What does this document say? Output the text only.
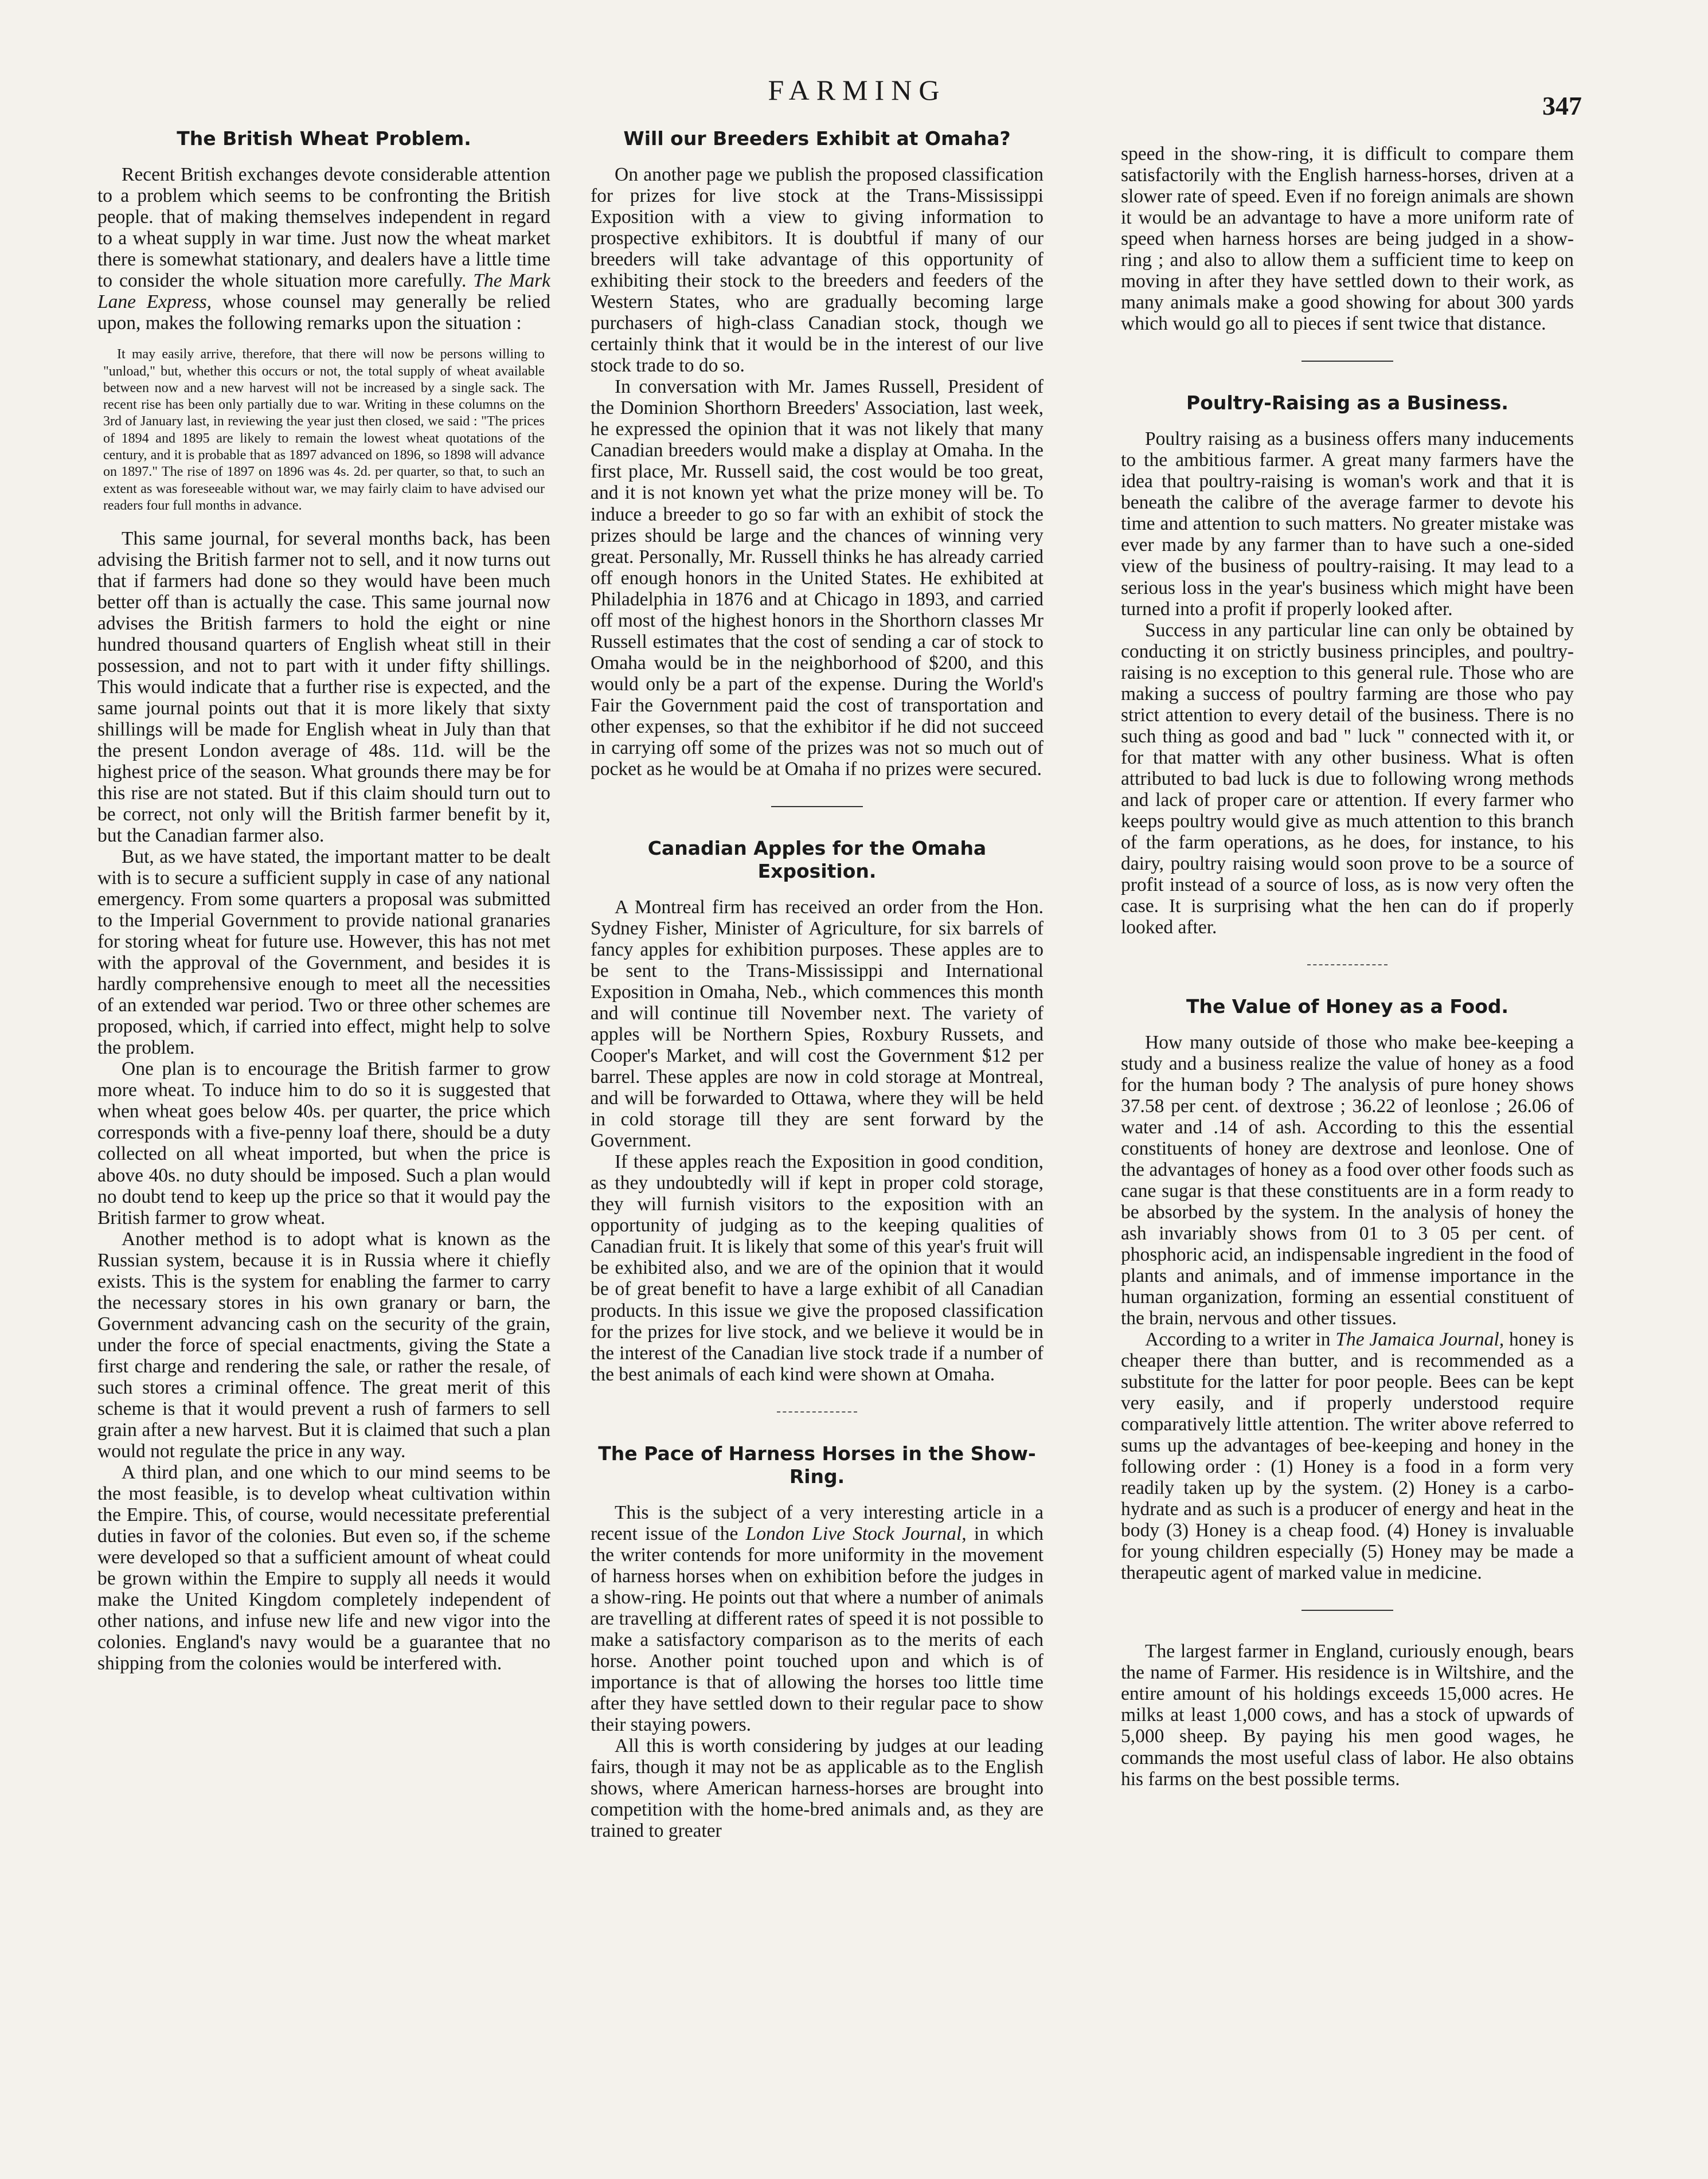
FARMING	347
The British Wheat Problem.

Recent British exchanges devote considerable attention to a problem which seems to be confronting the British people. that of making themselves independent in regard to a wheat supply in war time. Just now the wheat market there is somewhat stationary, and dealers have a little time to consider the whole situation more carefully. The Mark Lane Express, whose counsel may generally be relied upon, makes the following remarks upon the situation :

It may easily arrive, therefore, that there will now be persons willing to "unload," but, whether this occurs or not, the total supply of wheat available between now and a new harvest will not be increased by a single sack. The recent rise has been only partially due to war. Writing in these columns on the 3rd of January last, in reviewing the year just then closed, we said : "The prices of 1894 and 1895 are likely to remain the lowest wheat quotations of the century, and it is probable that as 1897 advanced on 1896, so 1898 will advance on 1897." The rise of 1897 on 1896 was 4s. 2d. per quarter, so that, to such an extent as was foreseeable without war, we may fairly claim to have advised our readers four full months in advance.

This same journal, for several months back, has been advising the British farmer not to sell, and it now turns out that if farmers had done so they would have been much better off than is actually the case. This same journal now advises the British farmers to hold the eight or nine hundred thousand quarters of English wheat still in their possession, and not to part with it under fifty shillings. This would indicate that a further rise is expected, and the same journal points out that it is more likely that sixty shillings will be made for English wheat in July than that the present London average of 48s. 11d. will be the highest price of the season. What grounds there may be for this rise are not stated. But if this claim should turn out to be correct, not only will the British farmer benefit by it, but the Canadian farmer also.

But, as we have stated, the important matter to be dealt with is to secure a sufficient supply in case of any national emergency. From some quarters a proposal was submitted to the Imperial Government to provide national granaries for storing wheat for future use. However, this has not met with the approval of the Government, and besides it is hardly comprehensive enough to meet all the necessities of an extended war period. Two or three other schemes are proposed, which, if carried into effect, might help to solve the problem.

One plan is to encourage the British farmer to grow more wheat. To induce him to do so it is suggested that when wheat goes below 40s. per quarter, the price which corresponds with a five-penny loaf there, should be a duty collected on all wheat imported, but when the price is above 40s. no duty should be imposed. Such a plan would no doubt tend to keep up the price so that it would pay the British farmer to grow wheat.

Another method is to adopt what is known as the Russian system, because it is in Russia where it chiefly exists. This is the system for enabling the farmer to carry the necessary stores in his own granary or barn, the Government advancing cash on the security of the grain, under the force of special enactments, giving the State a first charge and rendering the sale, or rather the resale, of such stores a criminal offence. The great merit of this scheme is that it would prevent a rush of farmers to sell grain after a new harvest. But it is claimed that such a plan would not regulate the price in any way.

A third plan, and one which to our mind seems to be the most feasible, is to develop wheat cultivation within the Empire. This, of course, would necessitate preferential duties in favor of the colonies. But even so, if the scheme were developed so that a sufficient amount of wheat could be grown within the Empire to supply all needs it would make the United Kingdom completely independent of other nations, and infuse new life and new vigor into the colonies. England's navy would be a guarantee that no shipping from the colonies would be interfered with.

Will our Breeders Exhibit at Omaha?

On another page we publish the proposed classification for prizes for live stock at the Trans-Mississippi Exposition with a view to giving information to prospective exhibitors. It is doubtful if many of our breeders will take advantage of this opportunity of exhibiting their stock to the breeders and feeders of the Western States, who are gradually becoming large purchasers of high-class Canadian stock, though we certainly think that it would be in the interest of our live stock trade to do so.

In conversation with Mr. James Russell, President of the Dominion Shorthorn Breeders' Association, last week, he expressed the opinion that it was not likely that many Canadian breeders would make a display at Omaha. In the first place, Mr. Russell said, the cost would be too great, and it is not known yet what the prize money will be. To induce a breeder to go so far with an exhibit of stock the prizes should be large and the chances of winning very great. Personally, Mr. Russell thinks he has already carried off enough honors in the United States. He exhibited at Philadelphia in 1876 and at Chicago in 1893, and carried off most of the highest honors in the Shorthorn classes Mr Russell estimates that the cost of sending a car of stock to Omaha would be in the neighborhood of $200, and this would only be a part of the expense. During the World's Fair the Government paid the cost of transportation and other expenses, so that the exhibitor if he did not succeed in carrying off some of the prizes was not so much out of pocket as he would be at Omaha if no prizes were secured.

Canadian Apples for the Omaha Exposition.

A Montreal firm has received an order from the Hon. Sydney Fisher, Minister of Agriculture, for six barrels of fancy apples for exhibition purposes. These apples are to be sent to the Trans-Mississippi and International Exposition in Omaha, Neb., which commences this month and will continue till November next. The variety of apples will be Northern Spies, Roxbury Russets, and Cooper's Market, and will cost the Government $12 per barrel. These apples are now in cold storage at Montreal, and will be forwarded to Ottawa, where they will be held in cold storage till they are sent forward by the Government.

If these apples reach the Exposition in good condition, as they undoubtedly will if kept in proper cold storage, they will furnish visitors to the exposition with an opportunity of judging as to the keeping qualities of Canadian fruit. It is likely that some of this year's fruit will be exhibited also, and we are of the opinion that it would be of great benefit to have a large exhibit of all Canadian products. In this issue we give the proposed classification for the prizes for live stock, and we believe it would be in the interest of the Canadian live stock trade if a number of the best animals of each kind were shown at Omaha.

The Pace of Harness Horses in the Show-Ring.

This is the subject of a very interesting article in a recent issue of the London Live Stock Journal, in which the writer contends for more uniformity in the movement of harness horses when on exhibition before the judges in a show-ring. He points out that where a number of animals are travelling at different rates of speed it is not possible to make a satisfactory comparison as to the merits of each horse. Another point touched upon and which is of importance is that of allowing the horses too little time after they have settled down to their regular pace to show their staying powers.

All this is worth considering by judges at our leading fairs, though it may not be as applicable as to the English shows, where American harness-horses are brought into competition with the home-bred animals and, as they are trained to greater

speed in the show-ring, it is difficult to compare them satisfactorily with the English harness-horses, driven at a slower rate of speed. Even if no foreign animals are shown it would be an advantage to have a more uniform rate of speed when harness horses are being judged in a show-ring ; and also to allow them a sufficient time to keep on moving in after they have settled down to their work, as many animals make a good showing for about 300 yards which would go all to pieces if sent twice that distance.

Poultry-Raising as a Business.

Poultry raising as a business offers many inducements to the ambitious farmer. A great many farmers have the idea that poultry-raising is woman's work and that it is beneath the calibre of the average farmer to devote his time and attention to such matters. No greater mistake was ever made by any farmer than to have such a one-sided view of the business of poultry-raising. It may lead to a serious loss in the year's business which might have been turned into a profit if properly looked after.

Success in any particular line can only be obtained by conducting it on strictly business principles, and poultry-raising is no exception to this general rule. Those who are making a success of poultry farming are those who pay strict attention to every detail of the business. There is no such thing as good and bad " luck " connected with it, or for that matter with any other business. What is often attributed to bad luck is due to following wrong methods and lack of proper care or attention. If every farmer who keeps poultry would give as much attention to this branch of the farm operations, as he does, for instance, to his dairy, poultry raising would soon prove to be a source of profit instead of a source of loss, as is now very often the case. It is surprising what the hen can do if properly looked after.

The Value of Honey as a Food.

How many outside of those who make bee-keeping a study and a business realize the value of honey as a food for the human body ? The analysis of pure honey shows 37.58 per cent. of dextrose ; 36.22 of leonlose ; 26.06 of water and .14 of ash. According to this the essential constituents of honey are dextrose and leonlose. One of the advantages of honey as a food over other foods such as cane sugar is that these constituents are in a form ready to be absorbed by the system. In the analysis of honey the ash invariably shows from 01 to 3 05 per cent. of phosphoric acid, an indispensable ingredient in the food of plants and animals, and of immense importance in the human organization, forming an essential constituent of the brain, nervous and other tissues.

According to a writer in The Jamaica Journal, honey is cheaper there than butter, and is recommended as a substitute for the latter for poor people. Bees can be kept very easily, and if properly understood require comparatively little attention. The writer above referred to sums up the advantages of bee-keeping and honey in the following order : (1) Honey is a food in a form very readily taken up by the system. (2) Honey is a carbo-hydrate and as such is a producer of energy and heat in the body (3) Honey is a cheap food. (4) Honey is invaluable for young children especially (5) Honey may be made a therapeutic agent of marked value in medicine.

The largest farmer in England, curiously enough, bears the name of Farmer. His residence is in Wiltshire, and the entire amount of his holdings exceeds 15,000 acres. He milks at least 1,000 cows, and has a stock of upwards of 5,000 sheep. By paying his men good wages, he commands the most useful class of labor. He also obtains his farms on the best possible terms.
